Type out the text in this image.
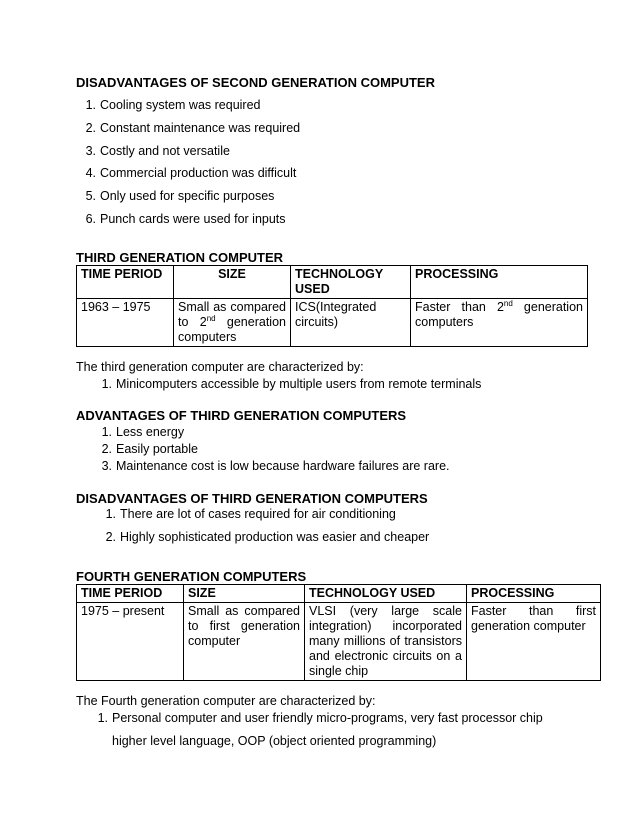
DISADVANTAGES OF SECOND GENERATION COMPUTER
1. Cooling system was required
2. Constant maintenance was required
3. Costly and not versatile
4. Commercial production was difficult
5. Only used for specific purposes
6. Punch cards were used for inputs
THIRD GENERATION COMPUTER
TIME PERIOD	SIZE	TECHNOLOGY USED	PROCESSING
1963 – 1975	Small as compared to 2nd generation computers	ICS(Integrated circuits)	Faster than 2nd generation computers
The third generation computer are characterized by:
1. Minicomputers accessible by multiple users from remote terminals
ADVANTAGES OF THIRD GENERATION COMPUTERS
1. Less energy
2. Easily portable
3. Maintenance cost is low because hardware failures are rare.
DISADVANTAGES OF THIRD GENERATION COMPUTERS
1. There are lot of cases required for air conditioning
2. Highly sophisticated production was easier and cheaper
FOURTH GENERATION COMPUTERS
TIME PERIOD	SIZE	TECHNOLOGY USED	PROCESSING
1975 – present	Small as compared to first generation computer	VLSI (very large scale integration) incorporated many millions of transistors and electronic circuits on a single chip	Faster than first generation computer
The Fourth generation computer are characterized by:
1. Personal computer and user friendly micro-programs, very fast processor chip
higher level language, OOP (object oriented programming)
